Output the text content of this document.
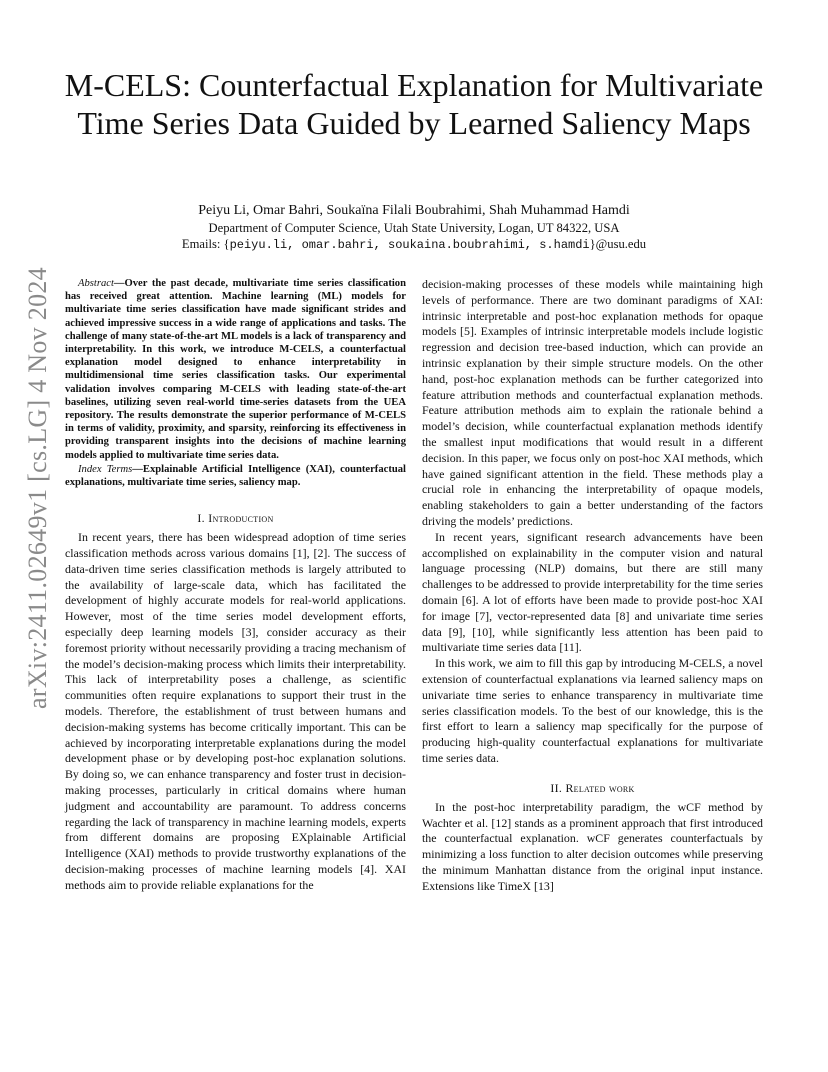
arXiv:2411.02649v1 [cs.LG] 4 Nov 2024
M-CELS: Counterfactual Explanation for Multivariate Time Series Data Guided by Learned Saliency Maps
Peiyu Li, Omar Bahri, Soukaïna Filali Boubrahimi, Shah Muhammad Hamdi
Department of Computer Science, Utah State University, Logan, UT 84322, USA
Emails: {peiyu.li, omar.bahri, soukaina.boubrahimi, s.hamdi}@usu.edu

Abstract—Over the past decade, multivariate time series classification has received great attention. Machine learning (ML) models for multivariate time series classification have made significant strides and achieved impressive success in a wide range of applications and tasks. The challenge of many state-of-the-art ML models is a lack of transparency and interpretability. In this work, we introduce M-CELS, a counterfactual explanation model designed to enhance interpretability in multidimensional time series classification tasks. Our experimental validation involves comparing M-CELS with leading state-of-the-art baselines, utilizing seven real-world time-series datasets from the UEA repository. The results demonstrate the superior performance of M-CELS in terms of validity, proximity, and sparsity, reinforcing its effectiveness in providing transparent insights into the decisions of machine learning models applied to multivariate time series data.

Index Terms—Explainable Artificial Intelligence (XAI), counterfactual explanations, multivariate time series, saliency map.

I. Introduction

In recent years, there has been widespread adoption of time series classification methods across various domains [1], [2]. The success of data-driven time series classification methods is largely attributed to the availability of large-scale data, which has facilitated the development of highly accurate models for real-world applications. However, most of the time series model development efforts, especially deep learning models [3], consider accuracy as their foremost priority without necessarily providing a tracing mechanism of the model’s decision-making process which limits their interpretability. This lack of interpretability poses a challenge, as scientific communities often require explanations to support their trust in the models. Therefore, the establishment of trust between humans and decision-making systems has become critically important. This can be achieved by incorporating interpretable explanations during the model development phase or by developing post-hoc explanation solutions. By doing so, we can enhance transparency and foster trust in decision-making processes, particularly in critical domains where human judgment and accountability are paramount. To address concerns regarding the lack of transparency in machine learning models, experts from different domains are proposing EXplainable Artificial Intelligence (XAI) methods to provide trustworthy explanations of the decision-making processes of machine learning models [4]. XAI methods aim to provide reliable explanations for the

decision-making processes of these models while maintaining high levels of performance. There are two dominant paradigms of XAI: intrinsic interpretable and post-hoc explanation methods for opaque models [5]. Examples of intrinsic interpretable models include logistic regression and decision tree-based induction, which can provide an intrinsic explanation by their simple structure models. On the other hand, post-hoc explanation methods can be further categorized into feature attribution methods and counterfactual explanation methods. Feature attribution methods aim to explain the rationale behind a model’s decision, while counterfactual explanation methods identify the smallest input modifications that would result in a different decision. In this paper, we focus only on post-hoc XAI methods, which have gained significant attention in the field. These methods play a crucial role in enhancing the interpretability of opaque models, enabling stakeholders to gain a better understanding of the factors driving the models’ predictions.

In recent years, significant research advancements have been accomplished on explainability in the computer vision and natural language processing (NLP) domains, but there are still many challenges to be addressed to provide interpretability for the time series domain [6]. A lot of efforts have been made to provide post-hoc XAI for image [7], vector-represented data [8] and univariate time series data [9], [10], while significantly less attention has been paid to multivariate time series data [11].

In this work, we aim to fill this gap by introducing M-CELS, a novel extension of counterfactual explanations via learned saliency maps on univariate time series to enhance transparency in multivariate time series classification models. To the best of our knowledge, this is the first effort to learn a saliency map specifically for the purpose of producing high-quality counterfactual explanations for multivariate time series data.

II. Related work

In the post-hoc interpretability paradigm, the wCF method by Wachter et al. [12] stands as a prominent approach that first introduced the counterfactual explanation. wCF generates counterfactuals by minimizing a loss function to alter decision outcomes while preserving the minimum Manhattan distance from the original input instance. Extensions like TimeX [13]
